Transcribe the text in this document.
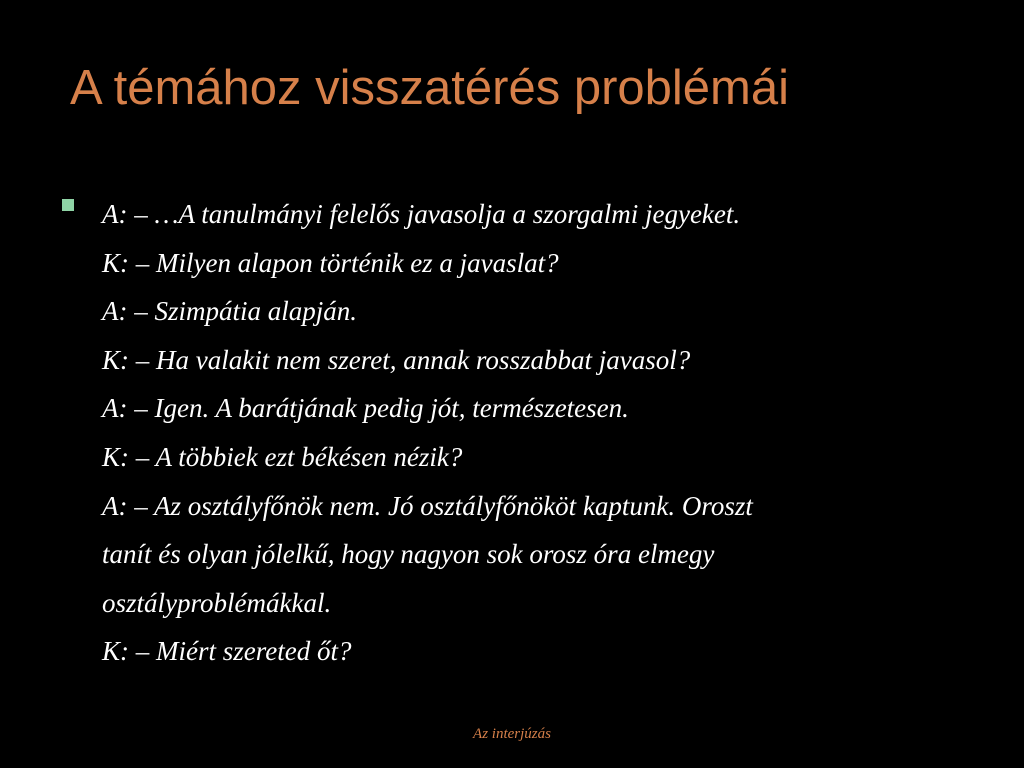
A témához visszatérés problémái
A: – …A tanulmányi felelős javasolja a szorgalmi jegyeket.
K: – Milyen alapon történik ez a javaslat?
A: – Szimpátia alapján.
K: – Ha valakit nem szeret, annak rosszabbat javasol?
A: – Igen. A barátjának pedig jót, természetesen.
K: – A többiek ezt békésen nézik?
A: – Az osztályfőnök nem. Jó osztályfőnököt kaptunk. Oroszt
tanít és olyan jólelkű, hogy nagyon sok orosz óra elmegy
osztályproblémákkal.
K: – Miért szereted őt?
Az interjúzás
